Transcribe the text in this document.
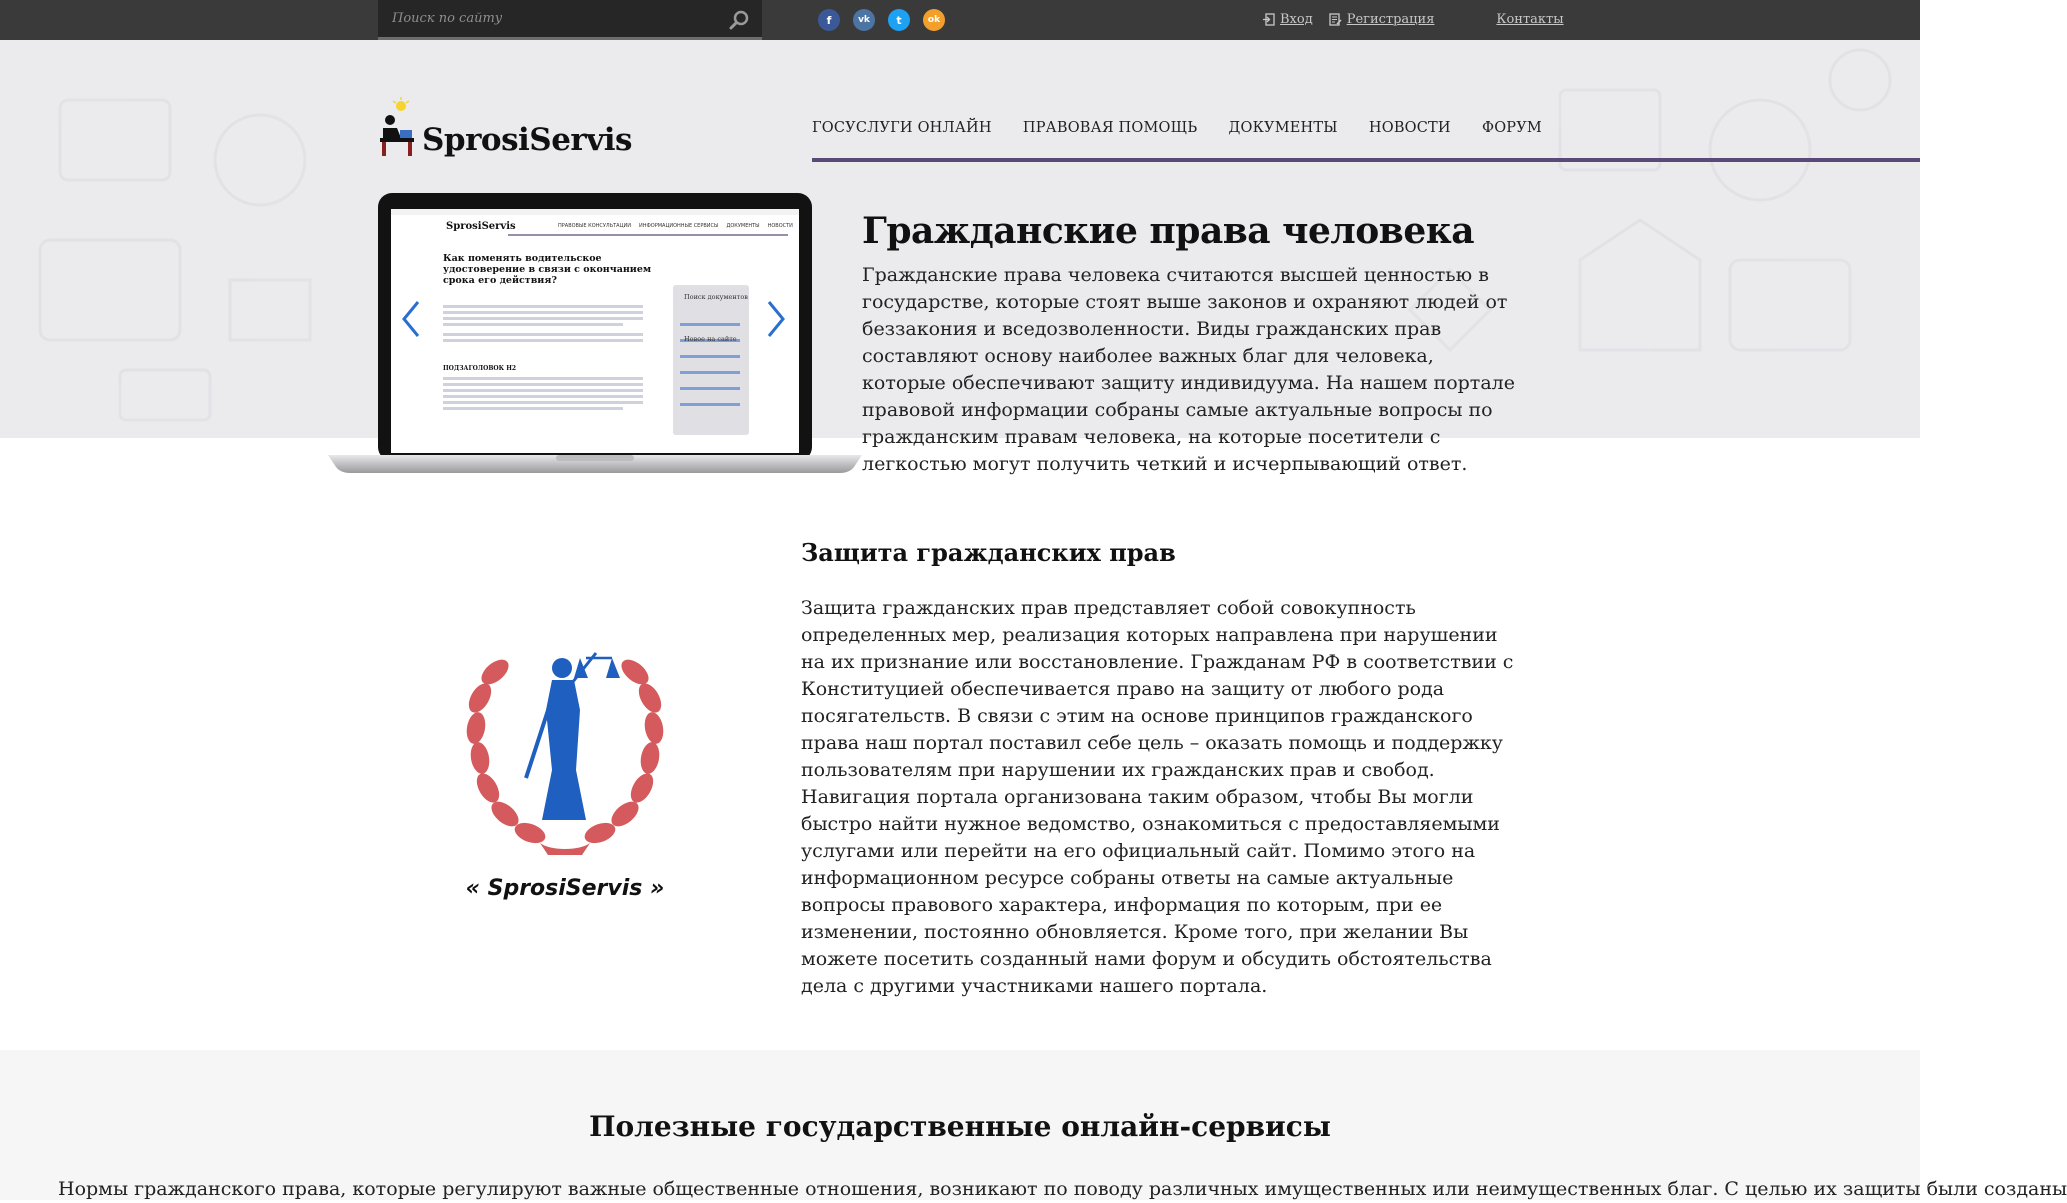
Поиск по сайту
f	vk	t	ok	Вход	Регистрация	Контакты
SprosiServis	ГОСУСЛУГИ ОНЛАЙН ПРАВОВАЯ ПОМОЩЬ ДОКУМЕНТЫ НОВОСТИ ФОРУМ
Гражданские права человека

Гражданские права человека считаются высшей ценностью в государстве, которые стоят выше законов и охраняют людей от беззакония и вседозволенности. Виды гражданских прав составляют основу наиболее важных благ для человека, которые обеспечивают защиту индивидуума. На нашем портале правовой информации собраны самые актуальные вопросы по гражданским правам человека, на которые посетители с легкостью могут получить четкий и исчерпывающий ответ.

SprosiServis	ПРАВОВЫЕ КОНСУЛЬТАЦИИ ИНФОРМАЦИОННЫЕ СЕРВИСЫ ДОКУМЕНТЫ НОВОСТИ
Как поменять водительское удостоверение в связи с окончанием срока его действия?
ПОДЗАГОЛОВОК H2
Поиск документов
Новое на сайте
« SprosiServis »
Защита гражданских прав

Защита гражданских прав представляет собой совокупность определенных мер, реализация которых направлена при нарушении на их признание или восстановление. Гражданам РФ в соответствии с Конституцией обеспечивается право на защиту от любого рода посягательств. В связи с этим на основе принципов гражданского права наш портал поставил себе цель – оказать помощь и поддержку пользователям при нарушении их гражданских прав и свобод. Навигация портала организована таким образом, чтобы Вы могли быстро найти нужное ведомство, ознакомиться с предоставляемыми услугами или перейти на его официальный сайт. Помимо этого на информационном ресурсе собраны ответы на самые актуальные вопросы правового характера, информация по которым, при ее изменении, постоянно обновляется. Кроме того, при желании Вы можете посетить созданный нами форум и обсудить обстоятельства дела с другими участниками нашего портала.

Полезные государственные онлайн-сервисы

Нормы гражданского права, которые регулируют важные общественные отношения, возникают по поводу различных имущественных или неимущественных благ. С целью их защиты были созданы
